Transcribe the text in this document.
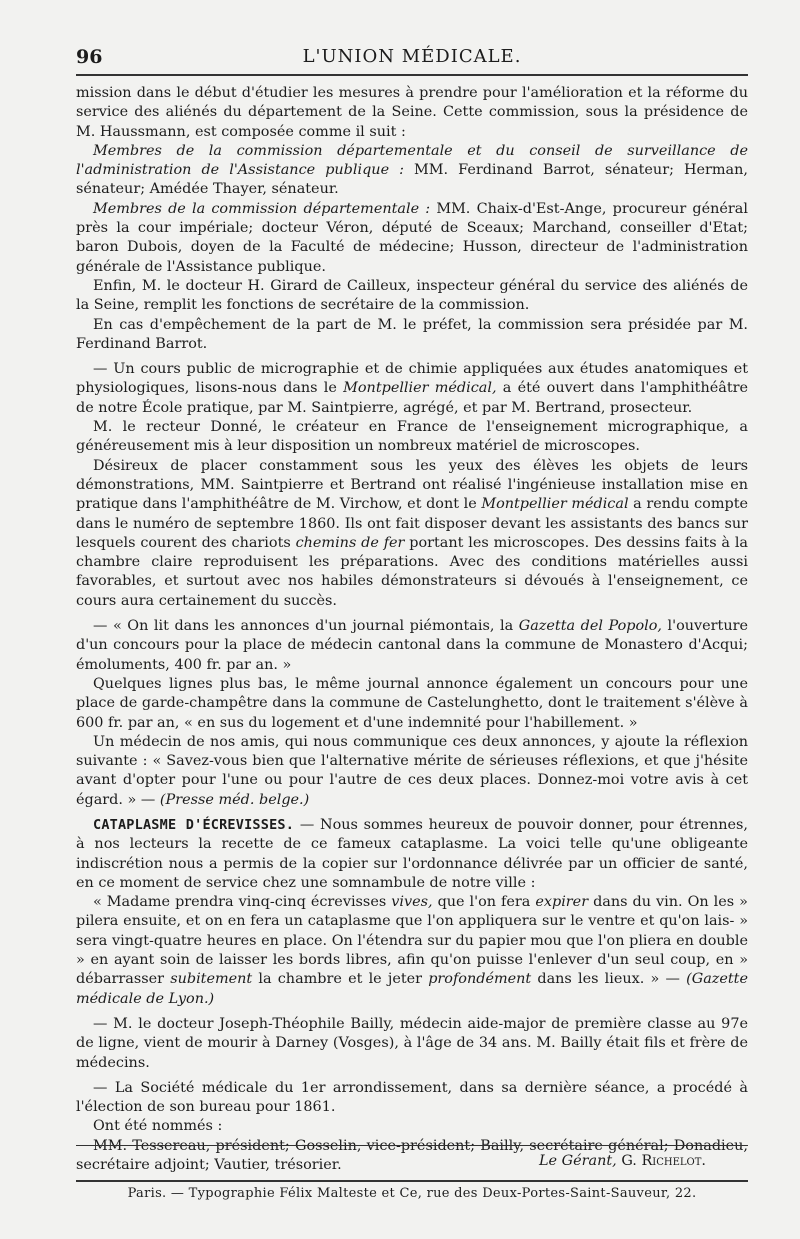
96	L'UNION MÉDICALE.

mission dans le début d'étudier les mesures à prendre pour l'amélioration et la réforme du service des aliénés du département de la Seine. Cette commission, sous la présidence de M. Haussmann, est composée comme il suit :

Membres de la commission départementale et du conseil de surveillance de l'administration de l'Assistance publique : MM. Ferdinand Barrot, sénateur; Herman, sénateur; Amédée Thayer, sénateur.

Membres de la commission départementale : MM. Chaix-d'Est-Ange, procureur général près la cour impériale; docteur Véron, député de Sceaux; Marchand, conseiller d'Etat; baron Dubois, doyen de la Faculté de médecine; Husson, directeur de l'administration générale de l'Assistance publique.

Enfin, M. le docteur H. Girard de Cailleux, inspecteur général du service des aliénés de la Seine, remplit les fonctions de secrétaire de la commission.

En cas d'empêchement de la part de M. le préfet, la commission sera présidée par M. Ferdinand Barrot.

— Un cours public de micrographie et de chimie appliquées aux études anatomiques et physiologiques, lisons-nous dans le Montpellier médical, a été ouvert dans l'amphithéâtre de notre École pratique, par M. Saintpierre, agrégé, et par M. Bertrand, prosecteur.

M. le recteur Donné, le créateur en France de l'enseignement micrographique, a généreusement mis à leur disposition un nombreux matériel de microscopes.

Désireux de placer constamment sous les yeux des élèves les objets de leurs démonstrations, MM. Saintpierre et Bertrand ont réalisé l'ingénieuse installation mise en pratique dans l'amphithéâtre de M. Virchow, et dont le Montpellier médical a rendu compte dans le numéro de septembre 1860. Ils ont fait disposer devant les assistants des bancs sur lesquels courent des chariots chemins de fer portant les microscopes. Des dessins faits à la chambre claire reproduisent les préparations. Avec des conditions matérielles aussi favorables, et surtout avec nos habiles démonstrateurs si dévoués à l'enseignement, ce cours aura certainement du succès.

— « On lit dans les annonces d'un journal piémontais, la Gazetta del Popolo, l'ouverture d'un concours pour la place de médecin cantonal dans la commune de Monastero d'Acqui; émoluments, 400 fr. par an. »

Quelques lignes plus bas, le même journal annonce également un concours pour une place de garde-champêtre dans la commune de Castelunghetto, dont le traitement s'élève à 600 fr. par an, « en sus du logement et d'une indemnité pour l'habillement. »

Un médecin de nos amis, qui nous communique ces deux annonces, y ajoute la réflexion suivante : « Savez-vous bien que l'alternative mérite de sérieuses réflexions, et que j'hésite avant d'opter pour l'une ou pour l'autre de ces deux places. Donnez-moi votre avis à cet égard. » — (Presse méd. belge.)

CATAPLASME D'ÉCREVISSES. — Nous sommes heureux de pouvoir donner, pour étrennes, à nos lecteurs la recette de ce fameux cataplasme. La voici telle qu'une obligeante indiscrétion nous a permis de la copier sur l'ordonnance délivrée par un officier de santé, en ce moment de service chez une somnambule de notre ville :

« Madame prendra vinq-cinq écrevisses vives, que l'on fera expirer dans du vin. On les » pilera ensuite, et on en fera un cataplasme que l'on appliquera sur le ventre et qu'on lais- » sera vingt-quatre heures en place. On l'étendra sur du papier mou que l'on pliera en double » en ayant soin de laisser les bords libres, afin qu'on puisse l'enlever d'un seul coup, en » débarrasser subitement la chambre et le jeter profondément dans les lieux. » — (Gazette médicale de Lyon.)

— M. le docteur Joseph-Théophile Bailly, médecin aide-major de première classe au 97e de ligne, vient de mourir à Darney (Vosges), à l'âge de 34 ans. M. Bailly était fils et frère de médecins.

— La Société médicale du 1er arrondissement, dans sa dernière séance, a procédé à l'élection de son bureau pour 1861.

Ont été nommés :

MM. Tessereau, président; Gosselin, vice-président; Bailly, secrétaire général; Donadieu, secrétaire adjoint; Vautier, trésorier.	Le Gérant, G. Richelot.
Paris. — Typographie Félix Malteste et Ce, rue des Deux-Portes-Saint-Sauveur, 22.
